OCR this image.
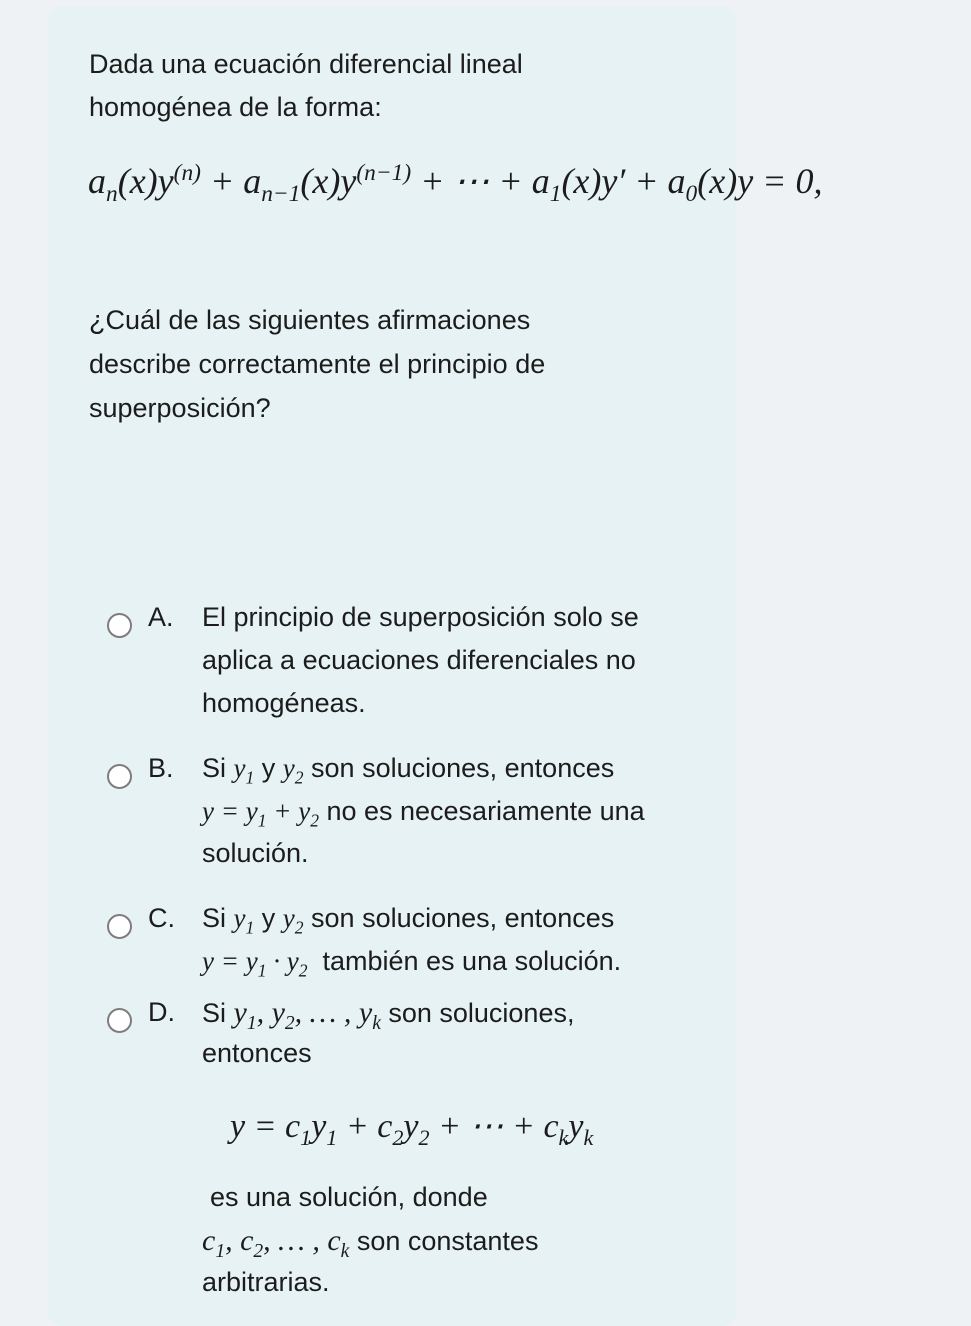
Dada una ecuación diferencial lineal
homogénea de la forma:
$a_n(x)y^{(n)} + a_{n-1}(x)y^{(n-1)}$ + ⋯ + $a_1(x)y' + a_0(x)y = 0$,
¿Cuál de las siguientes afirmaciones
describe correctamente el principio de
superposición?
A. El principio de superposición solo se
aplica a ecuaciones diferenciales no
homogéneas.
B. Si $y_1$ y $y_2$ son soluciones, entonces
$y = y_1 + y_2$ no es necesariamente una
solución.
C. Si $y_1$ y $y_2$ son soluciones, entonces
$y = y_1 \cdot y_2$  también es una solución.
D. Si $y_1$, $y_2$, … , $y_k$ son soluciones,
entonces
$y = c_1y_1 + c_2y_2$ + ⋯ + $c_ky_k$
es una solución, donde
$c_1$, $c_2$, … , $c_k$ son constantes
arbitrarias.
